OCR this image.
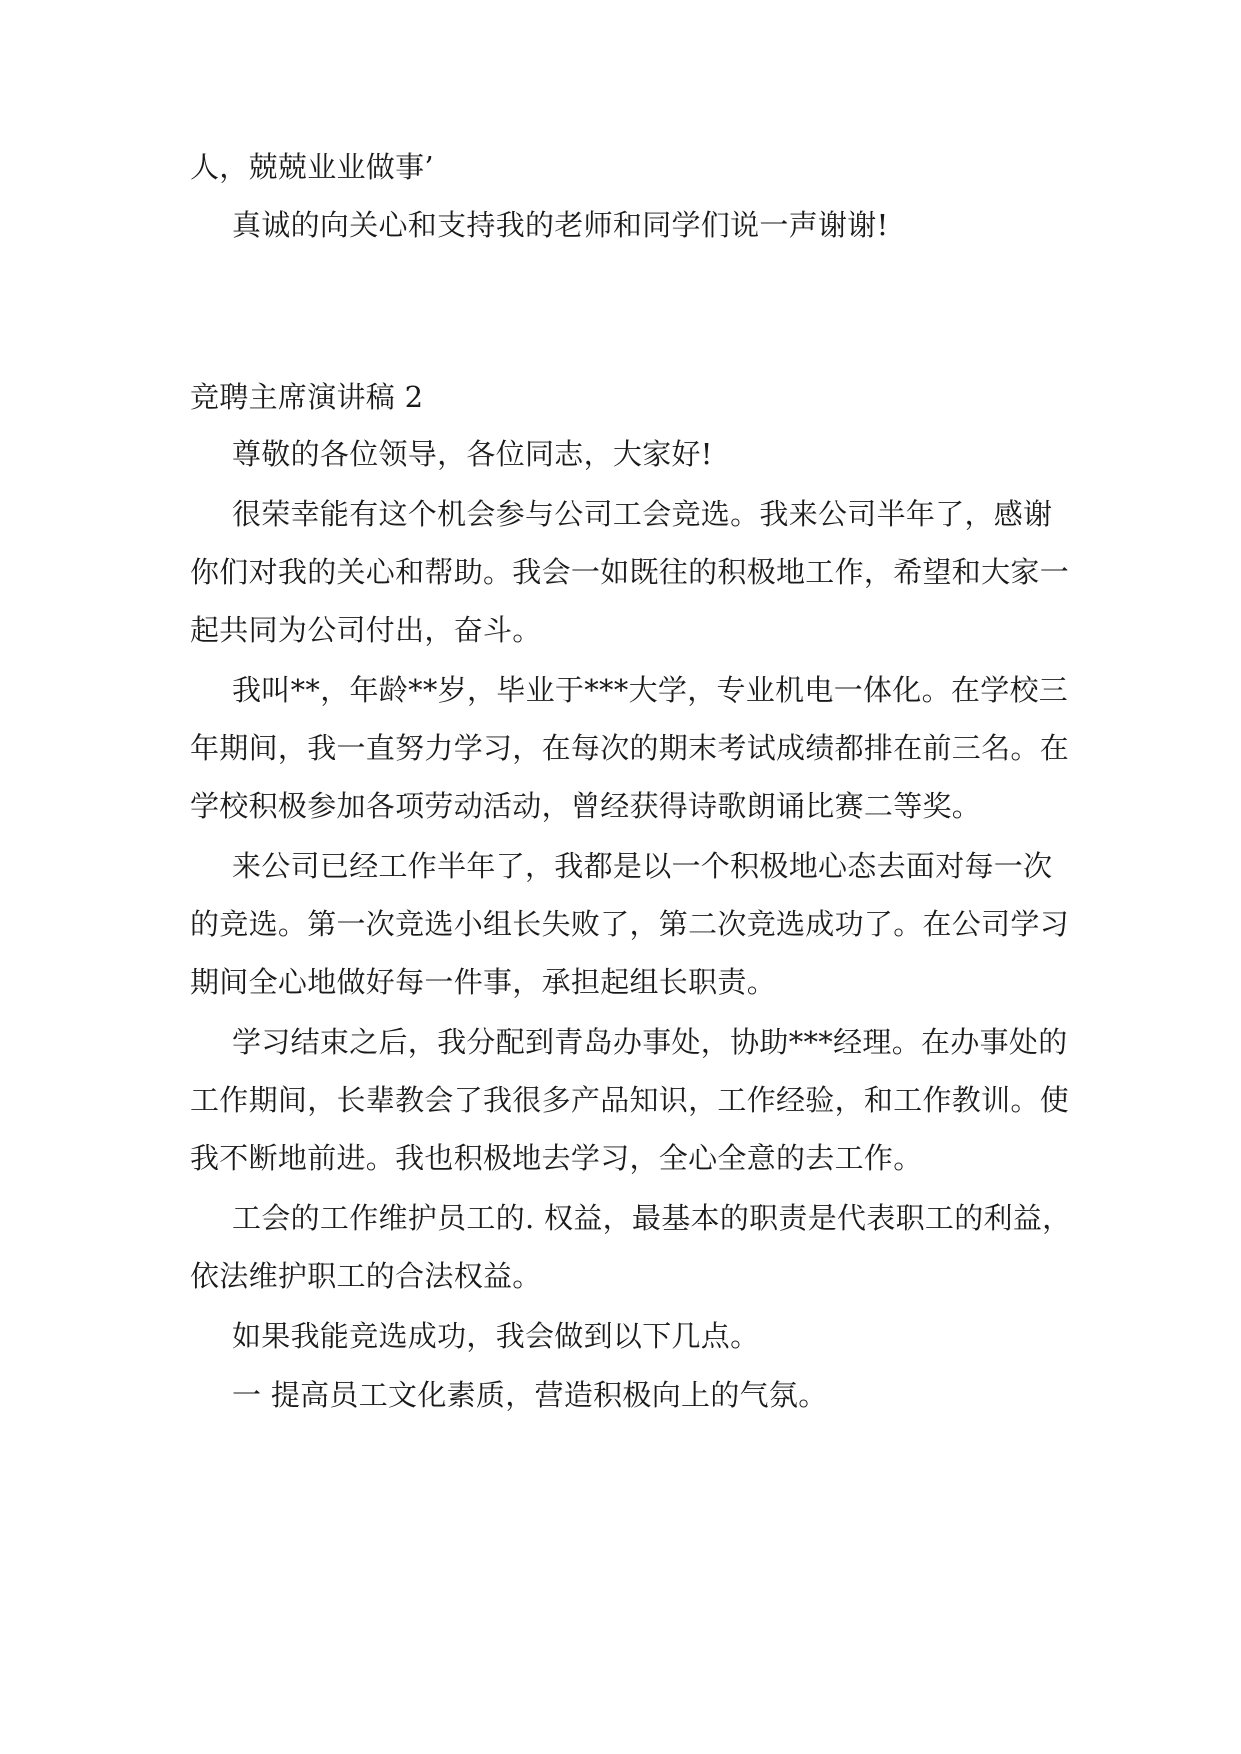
人，兢兢业业做事’
真诚的向关心和支持我的老师和同学们说一声谢谢!
竞聘主席演讲稿 2
尊敬的各位领导，各位同志，大家好!
很荣幸能有这个机会参与公司工会竞选。我来公司半年了，感谢
你们对我的关心和帮助。我会一如既往的积极地工作，希望和大家一
起共同为公司付出，奋斗。
我叫**，年龄**岁，毕业于***大学，专业机电一体化。在学校三
年期间，我一直努力学习，在每次的期末考试成绩都排在前三名。在
学校积极参加各项劳动活动，曾经获得诗歌朗诵比赛二等奖。
来公司已经工作半年了，我都是以一个积极地心态去面对每一次
的竞选。第一次竞选小组长失败了，第二次竞选成功了。在公司学习
期间全心地做好每一件事，承担起组长职责。
学习结束之后，我分配到青岛办事处，协助***经理。在办事处的
工作期间，长辈教会了我很多产品知识，工作经验，和工作教训。使
我不断地前进。我也积极地去学习，全心全意的去工作。
工会的工作维护员工的. 权益，最基本的职责是代表职工的利益，
依法维护职工的合法权益。
如果我能竞选成功，我会做到以下几点。
一 提高员工文化素质，营造积极向上的气氛。
